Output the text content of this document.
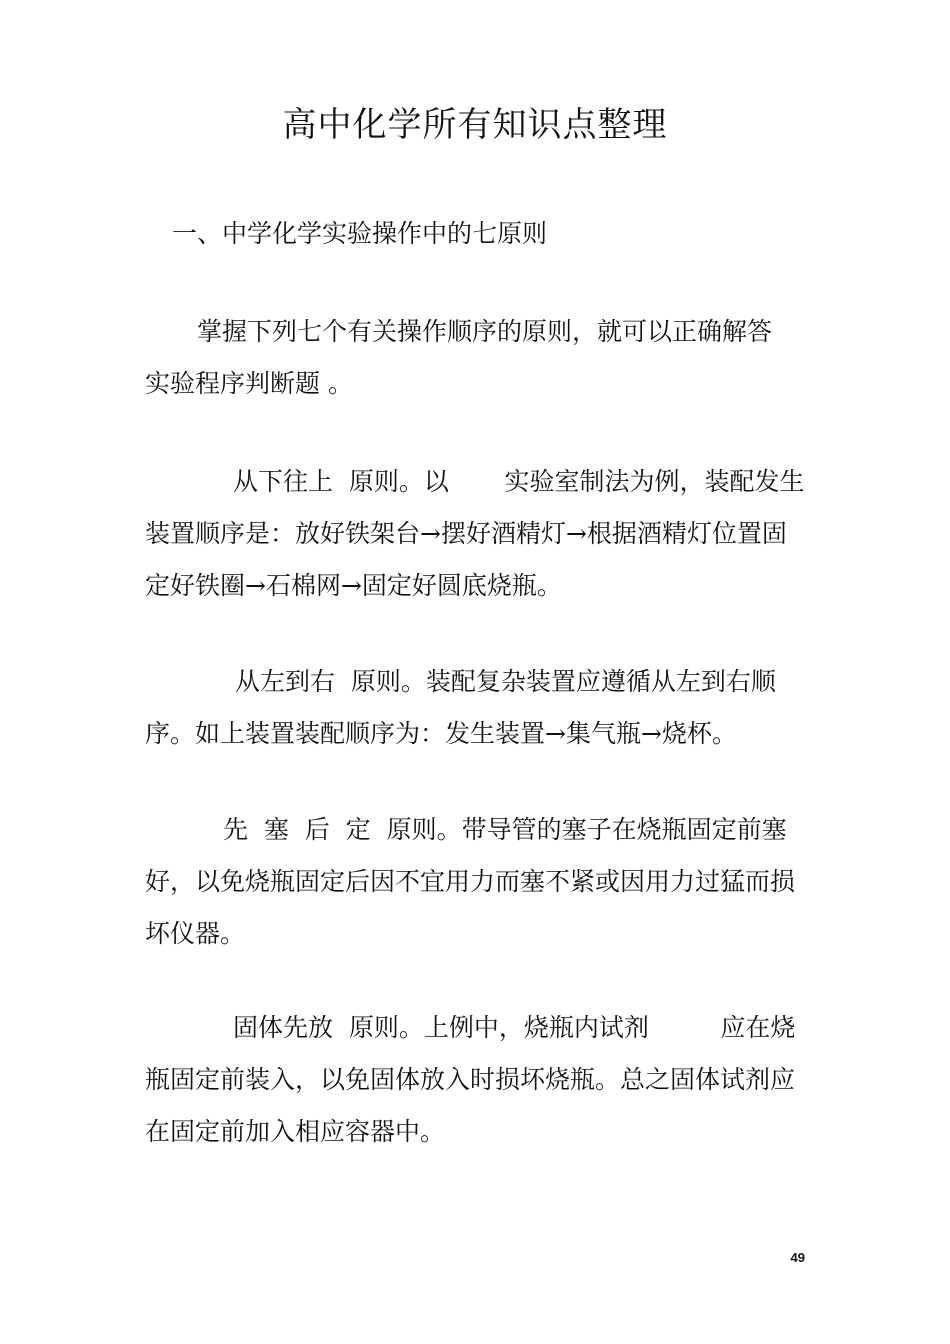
高中化学所有知识点整理
一、中学化学实验操作中的七原则
掌握下列七个有关操作顺序的原则，就可以正确解答
实验程序判断题 。
从下往上  原则。以       实验室制法为例，装配发生
装置顺序是：放好铁架台→摆好酒精灯→根据酒精灯位置固
定好铁圈→石棉网→固定好圆底烧瓶。
从左到右  原则。装配复杂装置应遵循从左到右顺
序。如上装置装配顺序为：发生装置→集气瓶→烧杯。
先  塞  后  定  原则。带导管的塞子在烧瓶固定前塞
好，以免烧瓶固定后因不宜用力而塞不紧或因用力过猛而损
坏仪器。
固体先放  原则。上例中，烧瓶内试剂         应在烧
瓶固定前装入，以免固体放入时损坏烧瓶。总之固体试剂应
在固定前加入相应容器中。
49
